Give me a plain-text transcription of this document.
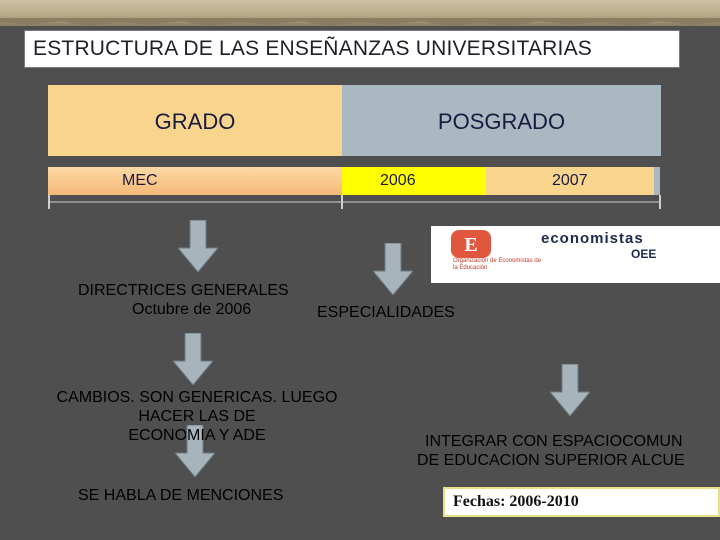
ESTRUCTURA DE LAS ENSEÑANZAS UNIVERSITARIAS
GRADO	POSGRADO
MEC	2006	2007
E	economistas
OEE
Organización de Economistas de la Educación
DIRECTRICES GENERALES
Octubre de 2006	ESPECIALIDADES
CAMBIOS. SON GENERICAS. LUEGO
HACER LAS DE
ECONOMIA Y ADE
SE HABLA DE MENCIONES
INTEGRAR CON ESPACIOCOMUN
DE EDUCACION SUPERIOR ALCUE
Fechas: 2006-2010
